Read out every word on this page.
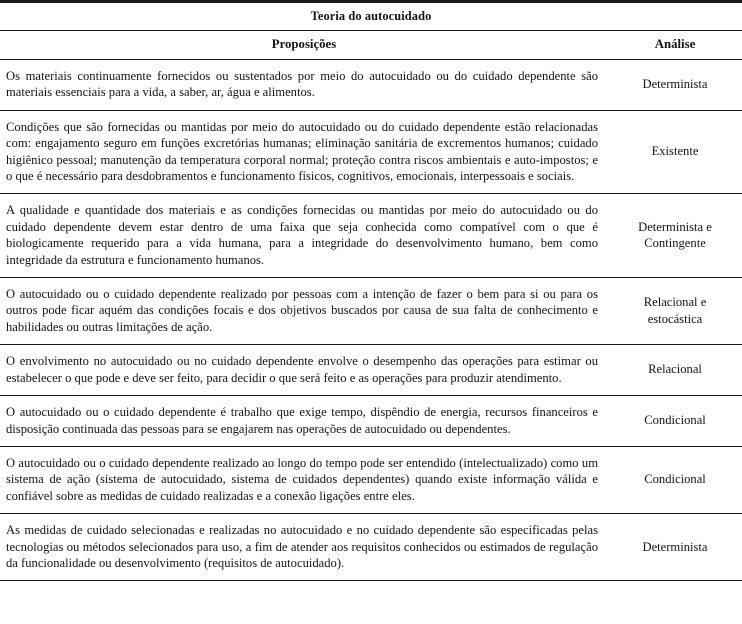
Teoria do autocuidado	
Proposições	Análise

Os materiais continuamente fornecidos ou sustentados por meio do autocuidado ou do cuidado dependente são materiais essenciais para a vida, a saber, ar, água e alimentos.	Determinista

Condições que são fornecidas ou mantidas por meio do autocuidado ou do cuidado dependente estão relacionadas com: engajamento seguro em funções excretórias humanas; eliminação sanitária de excrementos humanos; cuidado higiênico pessoal; manutenção da temperatura corporal normal; proteção contra riscos ambientais e auto-impostos; e o que é necessário para desdobramentos e funcionamento físicos, cognitivos, emocionais, interpessoais e sociais.	Existente

A qualidade e quantidade dos materiais e as condições fornecidas ou mantidas por meio do autocuidado ou do cuidado dependente devem estar dentro de uma faixa que seja conhecida como compatível com o que é biologicamente requerido para a vida humana, para a integridade do desenvolvimento humano, bem como integridade da estrutura e funcionamento humanos.	Determinista e Contingente

O autocuidado ou o cuidado dependente realizado por pessoas com a intenção de fazer o bem para si ou para os outros pode ficar aquém das condições focais e dos objetivos buscados por causa de sua falta de conhecimento e habilidades ou outras limitações de ação.	Relacional e estocástica

O envolvimento no autocuidado ou no cuidado dependente envolve o desempenho das operações para estimar ou estabelecer o que pode e deve ser feito, para decidir o que será feito e as operações para produzir atendimento.	Relacional

O autocuidado ou o cuidado dependente é trabalho que exige tempo, dispêndio de energia, recursos financeiros e disposição continuada das pessoas para se engajarem nas operações de autocuidado ou dependentes.	Condicional

O autocuidado ou o cuidado dependente realizado ao longo do tempo pode ser entendido (intelectualizado) como um sistema de ação (sistema de autocuidado, sistema de cuidados dependentes) quando existe informação válida e confiável sobre as medidas de cuidado realizadas e a conexão ligações entre eles.	Condicional

As medidas de cuidado selecionadas e realizadas no autocuidado e no cuidado dependente são especificadas pelas tecnologias ou métodos selecionados para uso, a fim de atender aos requisitos conhecidos ou estimados de regulação da funcionalidade ou desenvolvimento (requisitos de autocuidado).	Determinista
